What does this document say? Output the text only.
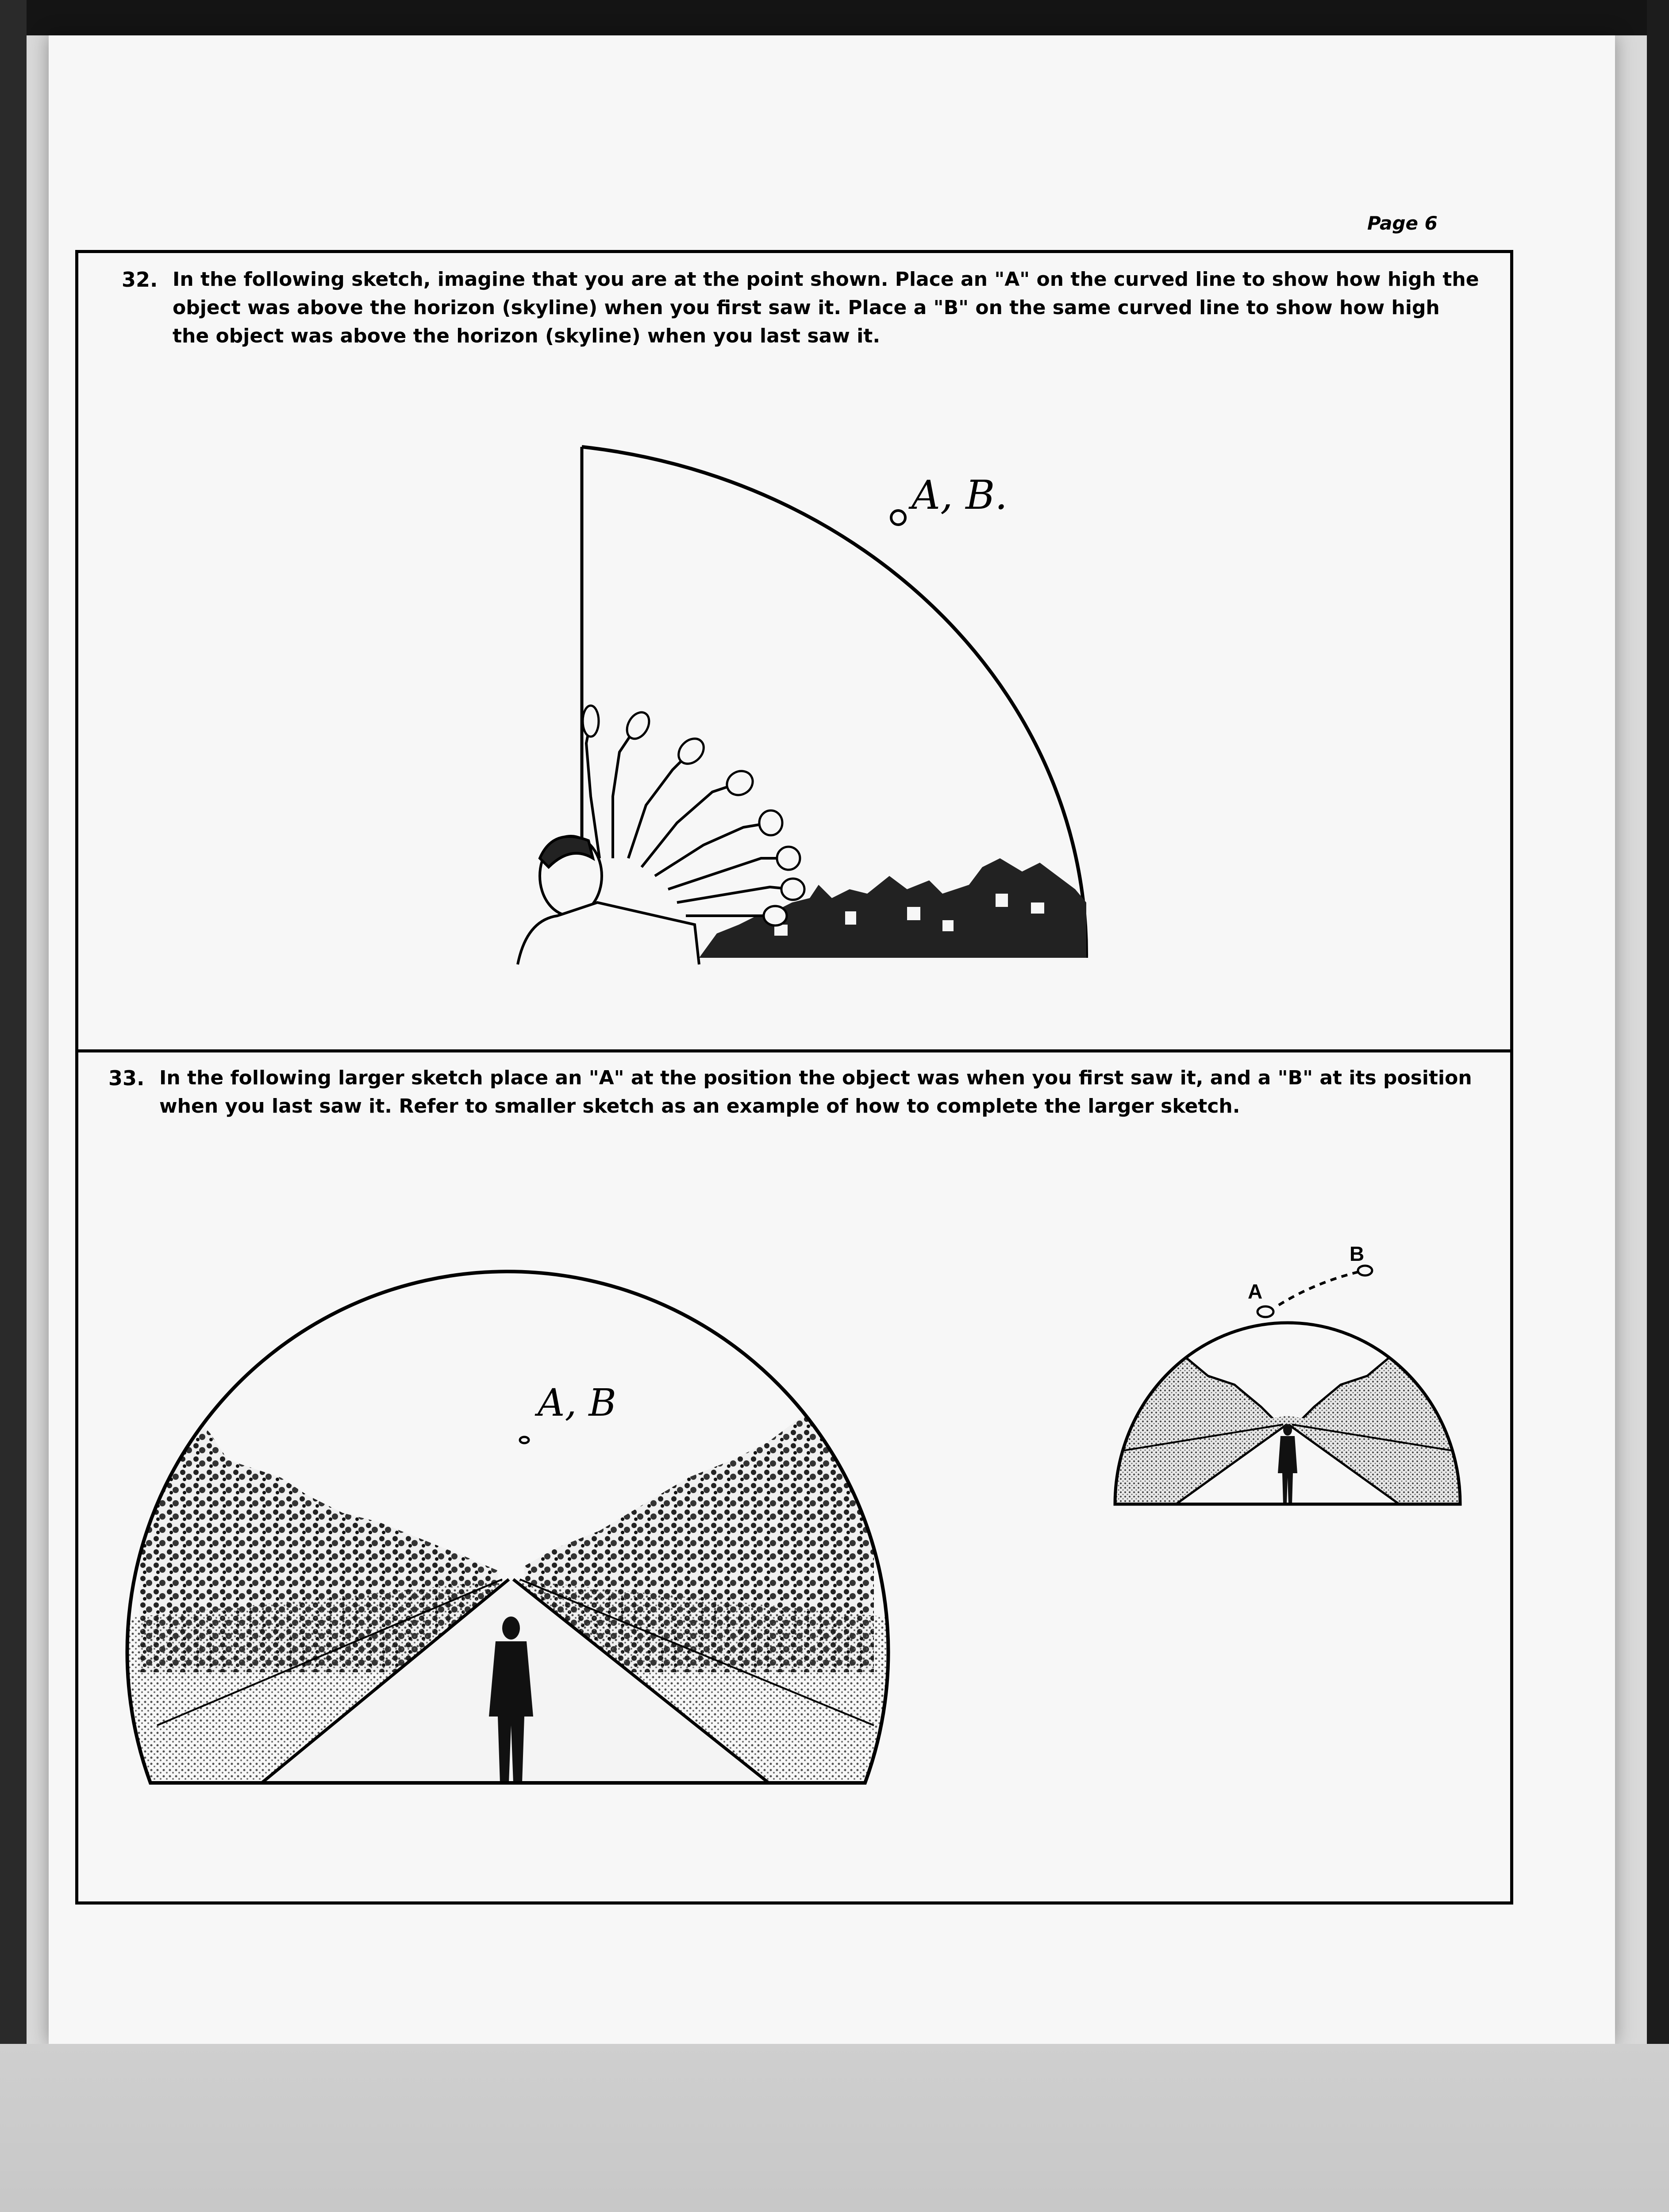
Page 6
32. In the following sketch, imagine that you are at the point shown. Place an "A" on the curved line to show how high the object was above the horizon (skyline) when you first saw it. Place a "B" on the same curved line to show how high the object was above the horizon (skyline) when you last saw it.
A, B.
33. In the following larger sketch place an "A" at the position the object was when you first saw it, and a "B" at its position when you last saw it. Refer to smaller sketch as an example of how to complete the larger sketch.
A, B
A
B
